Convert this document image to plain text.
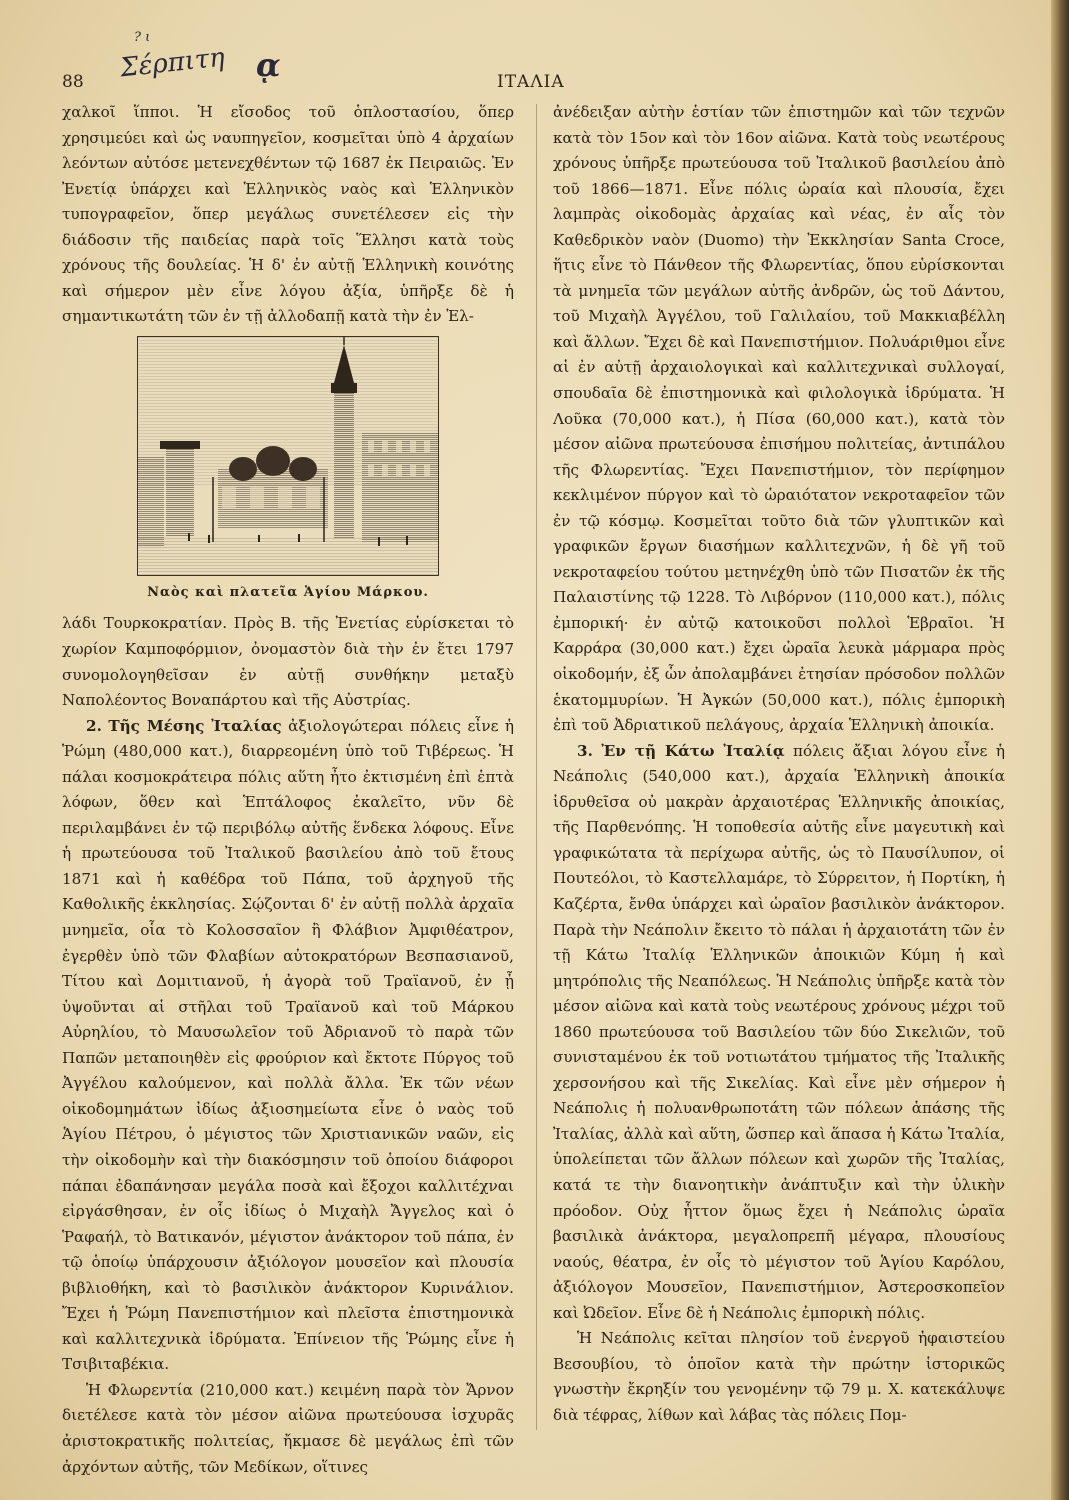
? ι
Σέρπιτη ᾳ
88	ΙΤΑΛΙΑ

χαλκοῖ ἵπποι. Ἡ εἴσοδος τοῦ ὁπλοστασίου, ὅπερ χρησιμεύει καὶ ὡς ναυπηγεῖον, κοσμεῖται ὑπὸ 4 ἀρχαίων λεόντων αὐτόσε μετενεχθέντων τῷ 1687 ἐκ Πειραιῶς. Ἐν Ἐνετίᾳ ὑπάρχει καὶ Ἑλληνικὸς ναὸς καὶ Ἑλληνικὸν τυπογραφεῖον, ὅπερ μεγάλως συνετέλεσεν εἰς τὴν διάδοσιν τῆς παιδείας παρὰ τοῖς Ἕλλησι κατὰ τοὺς χρόνους τῆς δουλείας. Ἡ δ' ἐν αὐτῇ Ἑλληνικὴ κοινότης καὶ σήμερον μὲν εἶνε λόγου ἀξία, ὑπῆρξε δὲ ἡ σημαντικωτάτη τῶν ἐν τῇ ἀλλοδαπῇ κατὰ τὴν ἐν Ἑλ-

Ναὸς καὶ πλατεῖα Ἁγίου Μάρκου.

λάδι Τουρκοκρατίαν. Πρὸς Β. τῆς Ἐνετίας εὑρίσκεται τὸ χωρίον Καμποφόρμιον, ὀνομαστὸν διὰ τὴν ἐν ἔτει 1797 συνομολογηθεῖσαν ἐν αὐτῇ συνθήκην μεταξὺ Ναπολέοντος Βοναπάρτου καὶ τῆς Αὐστρίας.

2. Τῆς Μέσης Ἰταλίας ἀξιολογώτεραι πόλεις εἶνε ἡ Ῥώμη (480,000 κατ.), διαρρεομένη ὑπὸ τοῦ Τιβέρεως. Ἡ πάλαι κοσμοκράτειρα πόλις αὕτη ἦτο ἐκτισμένη ἐπὶ ἑπτὰ λόφων, ὅθεν καὶ Ἑπτάλοφος ἐκαλεῖτο, νῦν δὲ περιλαμβάνει ἐν τῷ περιβόλῳ αὐτῆς ἕνδεκα λόφους. Εἶνε ἡ πρωτεύουσα τοῦ Ἰταλικοῦ βασιλείου ἀπὸ τοῦ ἔτους 1871 καὶ ἡ καθέδρα τοῦ Πάπα, τοῦ ἀρχηγοῦ τῆς Καθολικῆς ἐκκλησίας. Σῴζονται δ' ἐν αὐτῇ πολλὰ ἀρχαῖα μνημεῖα, οἷα τὸ Κολοσσαῖον ἢ Φλάβιον Ἀμφιθέατρον, ἐγερθὲν ὑπὸ τῶν Φλαβίων αὐτοκρατόρων Βεσπασιανοῦ, Τίτου καὶ Δομιτιανοῦ, ἡ ἀγορὰ τοῦ Τραϊανοῦ, ἐν ᾗ ὑψοῦνται αἱ στῆλαι τοῦ Τραϊανοῦ καὶ τοῦ Μάρκου Αὐρηλίου, τὸ Μαυσωλεῖον τοῦ Ἀδριανοῦ τὸ παρὰ τῶν Παπῶν μεταποιηθὲν εἰς φρούριον καὶ ἔκτοτε Πύργος τοῦ Ἀγγέλου καλούμενον, καὶ πολλὰ ἄλλα. Ἐκ τῶν νέων οἰκοδομημάτων ἰδίως ἀξιοσημείωτα εἶνε ὁ ναὸς τοῦ Ἁγίου Πέτρου, ὁ μέγιστος τῶν Χριστιανικῶν ναῶν, εἰς τὴν οἰκοδομὴν καὶ τὴν διακόσμησιν τοῦ ὁποίου διάφοροι πάπαι ἐδαπάνησαν μεγάλα ποσὰ καὶ ἔξοχοι καλλιτέχναι εἰργάσθησαν, ἐν οἷς ἰδίως ὁ Μιχαὴλ Ἄγγελος καὶ ὁ Ῥαφαήλ, τὸ Βατικανόν, μέγιστον ἀνάκτορον τοῦ πάπα, ἐν τῷ ὁποίῳ ὑπάρχουσιν ἀξιόλογον μουσεῖον καὶ πλουσία βιβλιοθήκη, καὶ τὸ βασιλικὸν ἀνάκτορον Κυρινάλιον. Ἔχει ἡ Ῥώμη Πανεπιστήμιον καὶ πλεῖστα ἐπιστημονικὰ καὶ καλλιτεχνικὰ ἱδρύματα. Ἐπίνειον τῆς Ῥώμης εἶνε ἡ Τσιβιταβέκια.

Ἡ Φλωρεντία (210,000 κατ.) κειμένη παρὰ τὸν Ἄρνον διετέλεσε κατὰ τὸν μέσον αἰῶνα πρωτεύουσα ἰσχυρᾶς ἀριστοκρατικῆς πολιτείας, ἤκμασε δὲ μεγάλως ἐπὶ τῶν ἀρχόντων αὐτῆς, τῶν Μεδίκων, οἵτινες

ἀνέδειξαν αὐτὴν ἑστίαν τῶν ἐπιστημῶν καὶ τῶν τεχνῶν κατὰ τὸν 15ον καὶ τὸν 16ον αἰῶνα. Κατὰ τοὺς νεωτέρους χρόνους ὑπῆρξε πρωτεύουσα τοῦ Ἰταλικοῦ βασιλείου ἀπὸ τοῦ 1866—1871. Εἶνε πόλις ὡραία καὶ πλουσία, ἔχει λαμπρὰς οἰκοδομὰς ἀρχαίας καὶ νέας, ἐν αἷς τὸν Καθεδρικὸν ναὸν (Duomo) τὴν Ἐκκλησίαν Santa Croce, ἥτις εἶνε τὸ Πάνθεον τῆς Φλωρεντίας, ὅπου εὑρίσκονται τὰ μνημεῖα τῶν μεγάλων αὐτῆς ἀνδρῶν, ὡς τοῦ Δάντου, τοῦ Μιχαὴλ Ἀγγέλου, τοῦ Γαλιλαίου, τοῦ Μακκιαβέλλη καὶ ἄλλων. Ἔχει δὲ καὶ Πανεπιστήμιον. Πολυάριθμοι εἶνε αἱ ἐν αὐτῇ ἀρχαιολογικαὶ καὶ καλλιτεχνικαὶ συλλογαί, σπουδαῖα δὲ ἐπιστημονικὰ καὶ φιλολογικὰ ἱδρύματα. Ἡ Λοῦκα (70,000 κατ.), ἡ Πίσα (60,000 κατ.), κατὰ τὸν μέσον αἰῶνα πρωτεύουσα ἐπισήμου πολιτείας, ἀντιπάλου τῆς Φλωρεντίας. Ἔχει Πανεπιστήμιον, τὸν περίφημον κεκλιμένον πύργον καὶ τὸ ὡραιότατον νεκροταφεῖον τῶν ἐν τῷ κόσμῳ. Κοσμεῖται τοῦτο διὰ τῶν γλυπτικῶν καὶ γραφικῶν ἔργων διασήμων καλλιτεχνῶν, ἡ δὲ γῆ τοῦ νεκροταφείου τούτου μετηνέχθη ὑπὸ τῶν Πισατῶν ἐκ τῆς Παλαιστίνης τῷ 1228. Τὸ Λιβόρνον (110,000 κατ.), πόλις ἐμπορική· ἐν αὐτῷ κατοικοῦσι πολλοὶ Ἑβραῖοι. Ἡ Καρράρα (30,000 κατ.) ἔχει ὡραῖα λευκὰ μάρμαρα πρὸς οἰκοδομήν, ἐξ ὧν ἀπολαμβάνει ἐτησίαν πρόσοδον πολλῶν ἑκατομμυρίων. Ἡ Ἀγκών (50,000 κατ.), πόλις ἐμπορικὴ ἐπὶ τοῦ Ἀδριατικοῦ πελάγους, ἀρχαία Ἑλληνικὴ ἀποικία.

3. Ἐν τῇ Κάτω Ἰταλίᾳ πόλεις ἄξιαι λόγου εἶνε ἡ Νεάπολις (540,000 κατ.), ἀρχαία Ἑλληνικὴ ἀποικία ἱδρυθεῖσα οὐ μακρὰν ἀρχαιοτέρας Ἑλληνικῆς ἀποικίας, τῆς Παρθενόπης. Ἡ τοποθεσία αὐτῆς εἶνε μαγευτικὴ καὶ γραφικώτατα τὰ περίχωρα αὐτῆς, ὡς τὸ Παυσίλυπον, οἱ Πουτεόλοι, τὸ Καστελλαμάρε, τὸ Σύρρειτον, ἡ Πορτίκη, ἡ Καζέρτα, ἔνθα ὑπάρχει καὶ ὡραῖον βασιλικὸν ἀνάκτορον. Παρὰ τὴν Νεάπολιν ἔκειτο τὸ πάλαι ἡ ἀρχαιοτάτη τῶν ἐν τῇ Κάτω Ἰταλίᾳ Ἑλληνικῶν ἀποικιῶν Κύμη ἡ καὶ μητρόπολις τῆς Νεαπόλεως. Ἡ Νεάπολις ὑπῆρξε κατὰ τὸν μέσον αἰῶνα καὶ κατὰ τοὺς νεωτέρους χρόνους μέχρι τοῦ 1860 πρωτεύουσα τοῦ Βασιλείου τῶν δύο Σικελιῶν, τοῦ συνισταμένου ἐκ τοῦ νοτιωτάτου τμήματος τῆς Ἰταλικῆς χερσονήσου καὶ τῆς Σικελίας. Καὶ εἶνε μὲν σήμερον ἡ Νεάπολις ἡ πολυανθρωποτάτη τῶν πόλεων ἁπάσης τῆς Ἰταλίας, ἀλλὰ καὶ αὕτη, ὥσπερ καὶ ἅπασα ἡ Κάτω Ἰταλία, ὑπολείπεται τῶν ἄλλων πόλεων καὶ χωρῶν τῆς Ἰταλίας, κατά τε τὴν διανοητικὴν ἀνάπτυξιν καὶ τὴν ὑλικὴν πρόοδον. Οὐχ ἧττον ὅμως ἔχει ἡ Νεάπολις ὡραῖα βασιλικὰ ἀνάκτορα, μεγαλοπρεπῆ μέγαρα, πλουσίους ναούς, θέατρα, ἐν οἷς τὸ μέγιστον τοῦ Ἁγίου Καρόλου, ἀξιόλογον Μουσεῖον, Πανεπιστήμιον, Ἀστεροσκοπεῖον καὶ Ὠδεῖον. Εἶνε δὲ ἡ Νεάπολις ἐμπορικὴ πόλις.

Ἡ Νεάπολις κεῖται πλησίον τοῦ ἐνεργοῦ ἡφαιστείου Βεσουβίου, τὸ ὁποῖον κατὰ τὴν πρώτην ἱστορικῶς γνωστὴν ἔκρηξίν του γενομένην τῷ 79 μ. Χ. κατεκάλυψε διὰ τέφρας, λίθων καὶ λάβας τὰς πόλεις Πομ-
